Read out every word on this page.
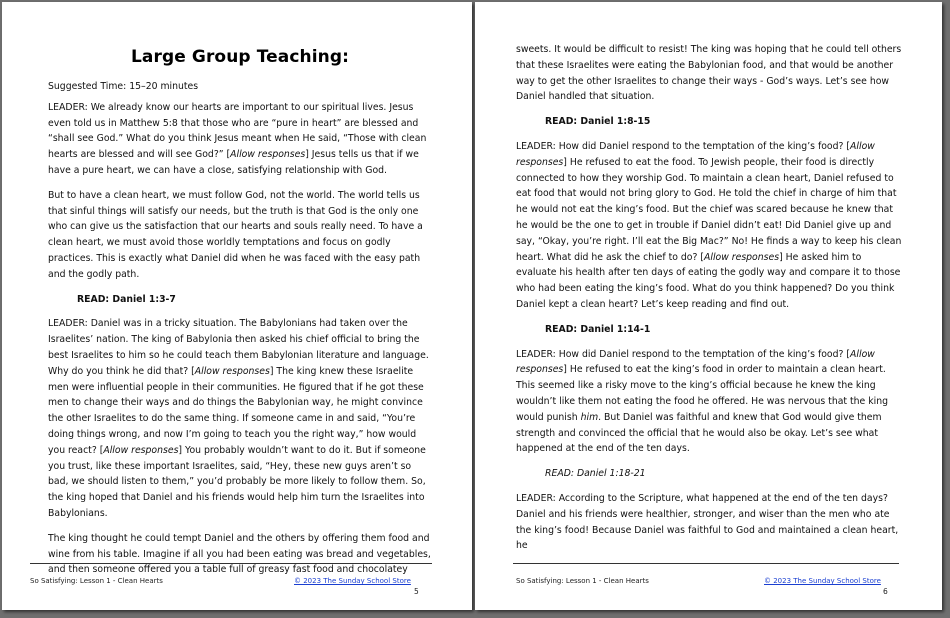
Large Group Teaching:

Suggested Time: 15–20 minutes

LEADER: We already know our hearts are important to our spiritual lives. Jesus even told us in Matthew 5:8 that those who are “pure in heart” are blessed and “shall see God.” What do you think Jesus meant when He said, “Those with clean hearts are blessed and will see God?” [Allow responses] Jesus tells us that if we have a pure heart, we can have a close, satisfying relationship with God.

But to have a clean heart, we must follow God, not the world. The world tells us that sinful things will satisfy our needs, but the truth is that God is the only one who can give us the satisfaction that our hearts and souls really need. To have a clean heart, we must avoid those worldly temptations and focus on godly practices. This is exactly what Daniel did when he was faced with the easy path and the godly path.

READ: Daniel 1:3-7

LEADER: Daniel was in a tricky situation. The Babylonians had taken over the Israelites’ nation. The king of Babylonia then asked his chief official to bring the best Israelites to him so he could teach them Babylonian literature and language. Why do you think he did that? [Allow responses] The king knew these Israelite men were influential people in their communities. He figured that if he got these men to change their ways and do things the Babylonian way, he might convince the other Israelites to do the same thing. If someone came in and said, “You’re doing things wrong, and now I’m going to teach you the right way,” how would you react? [Allow responses] You probably wouldn’t want to do it. But if someone you trust, like these important Israelites, said, “Hey, these new guys aren’t so bad, we should listen to them,” you’d probably be more likely to follow them. So, the king hoped that Daniel and his friends would help him turn the Israelites into Babylonians.

The king thought he could tempt Daniel and the others by offering them food and wine from his table. Imagine if all you had been eating was bread and vegetables, and then someone offered you a table full of greasy fast food and chocolatey

So Satisfying: Lesson 1 - Clean Hearts	© 2023 The Sunday School Store
5

sweets. It would be difficult to resist! The king was hoping that he could tell others that these Israelites were eating the Babylonian food, and that would be another way to get the other Israelites to change their ways - God’s ways. Let’s see how Daniel handled that situation.

READ: Daniel 1:8-15

LEADER: How did Daniel respond to the temptation of the king’s food? [Allow responses] He refused to eat the food. To Jewish people, their food is directly connected to how they worship God. To maintain a clean heart, Daniel refused to eat food that would not bring glory to God. He told the chief in charge of him that he would not eat the king’s food. But the chief was scared because he knew that he would be the one to get in trouble if Daniel didn’t eat! Did Daniel give up and say, “Okay, you’re right. I’ll eat the Big Mac?” No! He finds a way to keep his clean heart. What did he ask the chief to do? [Allow responses] He asked him to evaluate his health after ten days of eating the godly way and compare it to those who had been eating the king’s food. What do you think happened? Do you think Daniel kept a clean heart? Let’s keep reading and find out.

READ: Daniel 1:14-1

LEADER: How did Daniel respond to the temptation of the king’s food? [Allow responses] He refused to eat the king’s food in order to maintain a clean heart. This seemed like a risky move to the king’s official because he knew the king wouldn’t like them not eating the food he offered. He was nervous that the king would punish him. But Daniel was faithful and knew that God would give them strength and convinced the official that he would also be okay. Let’s see what happened at the end of the ten days.

READ: Daniel 1:18-21

LEADER: According to the Scripture, what happened at the end of the ten days? Daniel and his friends were healthier, stronger, and wiser than the men who ate the king’s food! Because Daniel was faithful to God and maintained a clean heart, he

So Satisfying: Lesson 1 - Clean Hearts	© 2023 The Sunday School Store
6
